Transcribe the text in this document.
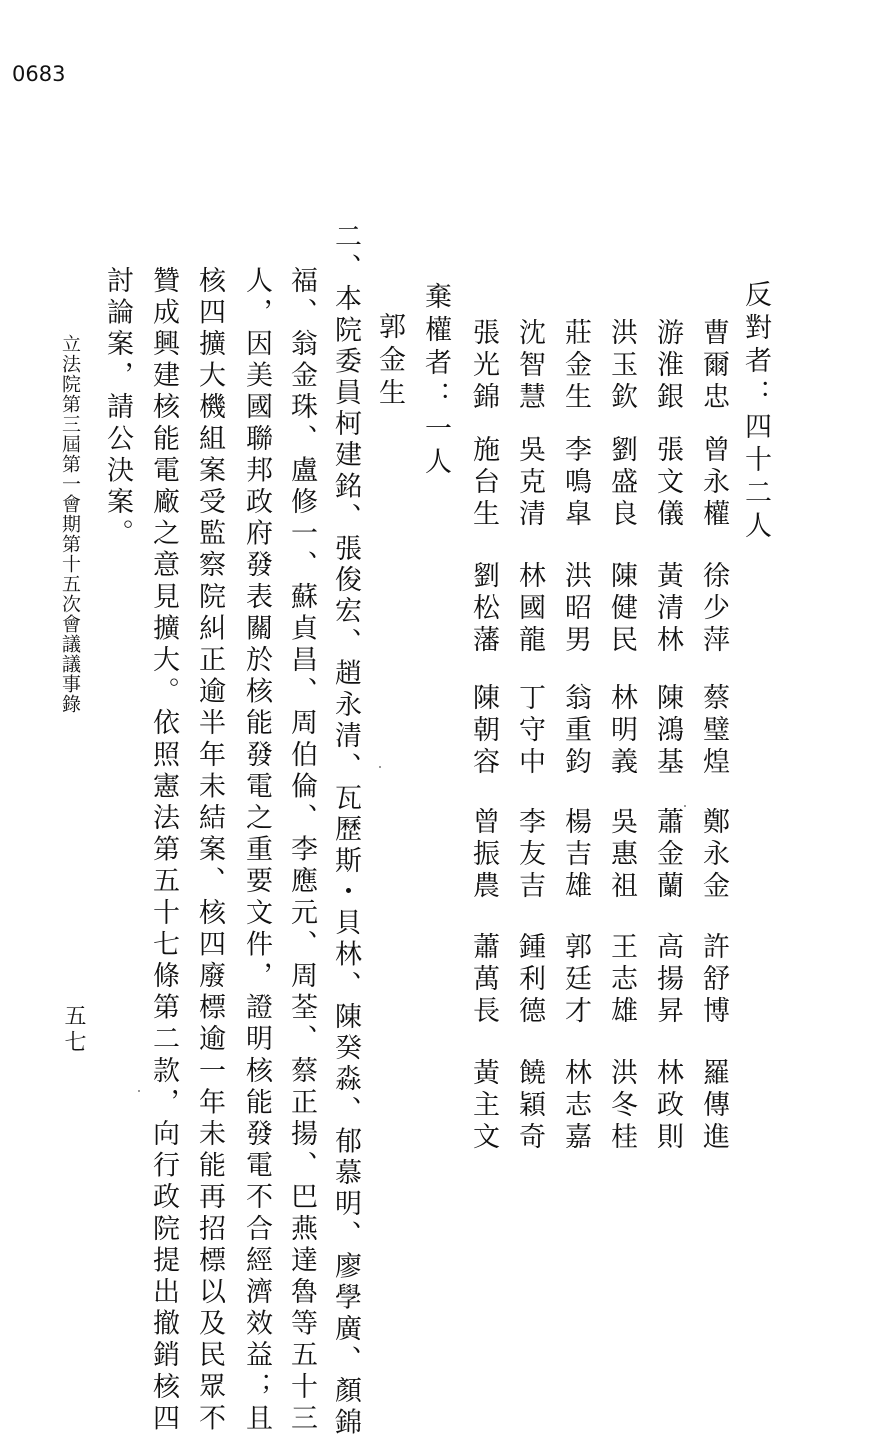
0683
反對者：四十二人
曹爾忠
曾永權
徐少萍
蔡璧煌
鄭永金
許舒博
羅傳進
游淮銀
張文儀
黃清林
陳鴻基
蕭金蘭
高揚昇
林政則
洪玉欽
劉盛良
陳健民
林明義
吳惠祖
王志雄
洪冬桂
莊金生
李鳴皐
洪昭男
翁重鈞
楊吉雄
郭廷才
林志嘉
沈智慧
吳克清
林國龍
丁守中
李友吉
鍾利德
饒穎奇
張光錦
施台生
劉松藩
陳朝容
曾振農
蕭萬長
黃主文
棄權者：一人
郭金生
二、本院委員柯建銘、張俊宏、趙永清、瓦歷斯・貝林、陳癸淼、郁慕明、廖學廣、顏錦
福、翁金珠、盧修一、蘇貞昌、周伯倫、李應元、周荃、蔡正揚、巴燕達魯等五十三
人，因美國聯邦政府發表關於核能發電之重要文件，證明核能發電不合經濟效益；且
核四擴大機組案受監察院糾正逾半年未結案、核四廢標逾一年未能再招標以及民眾不
贊成興建核能電廠之意見擴大。依照憲法第五十七條第二款，向行政院提出撤銷核四
討論案，請公決案。
立法院第三屆第一會期第十五次會議議事錄
五七
